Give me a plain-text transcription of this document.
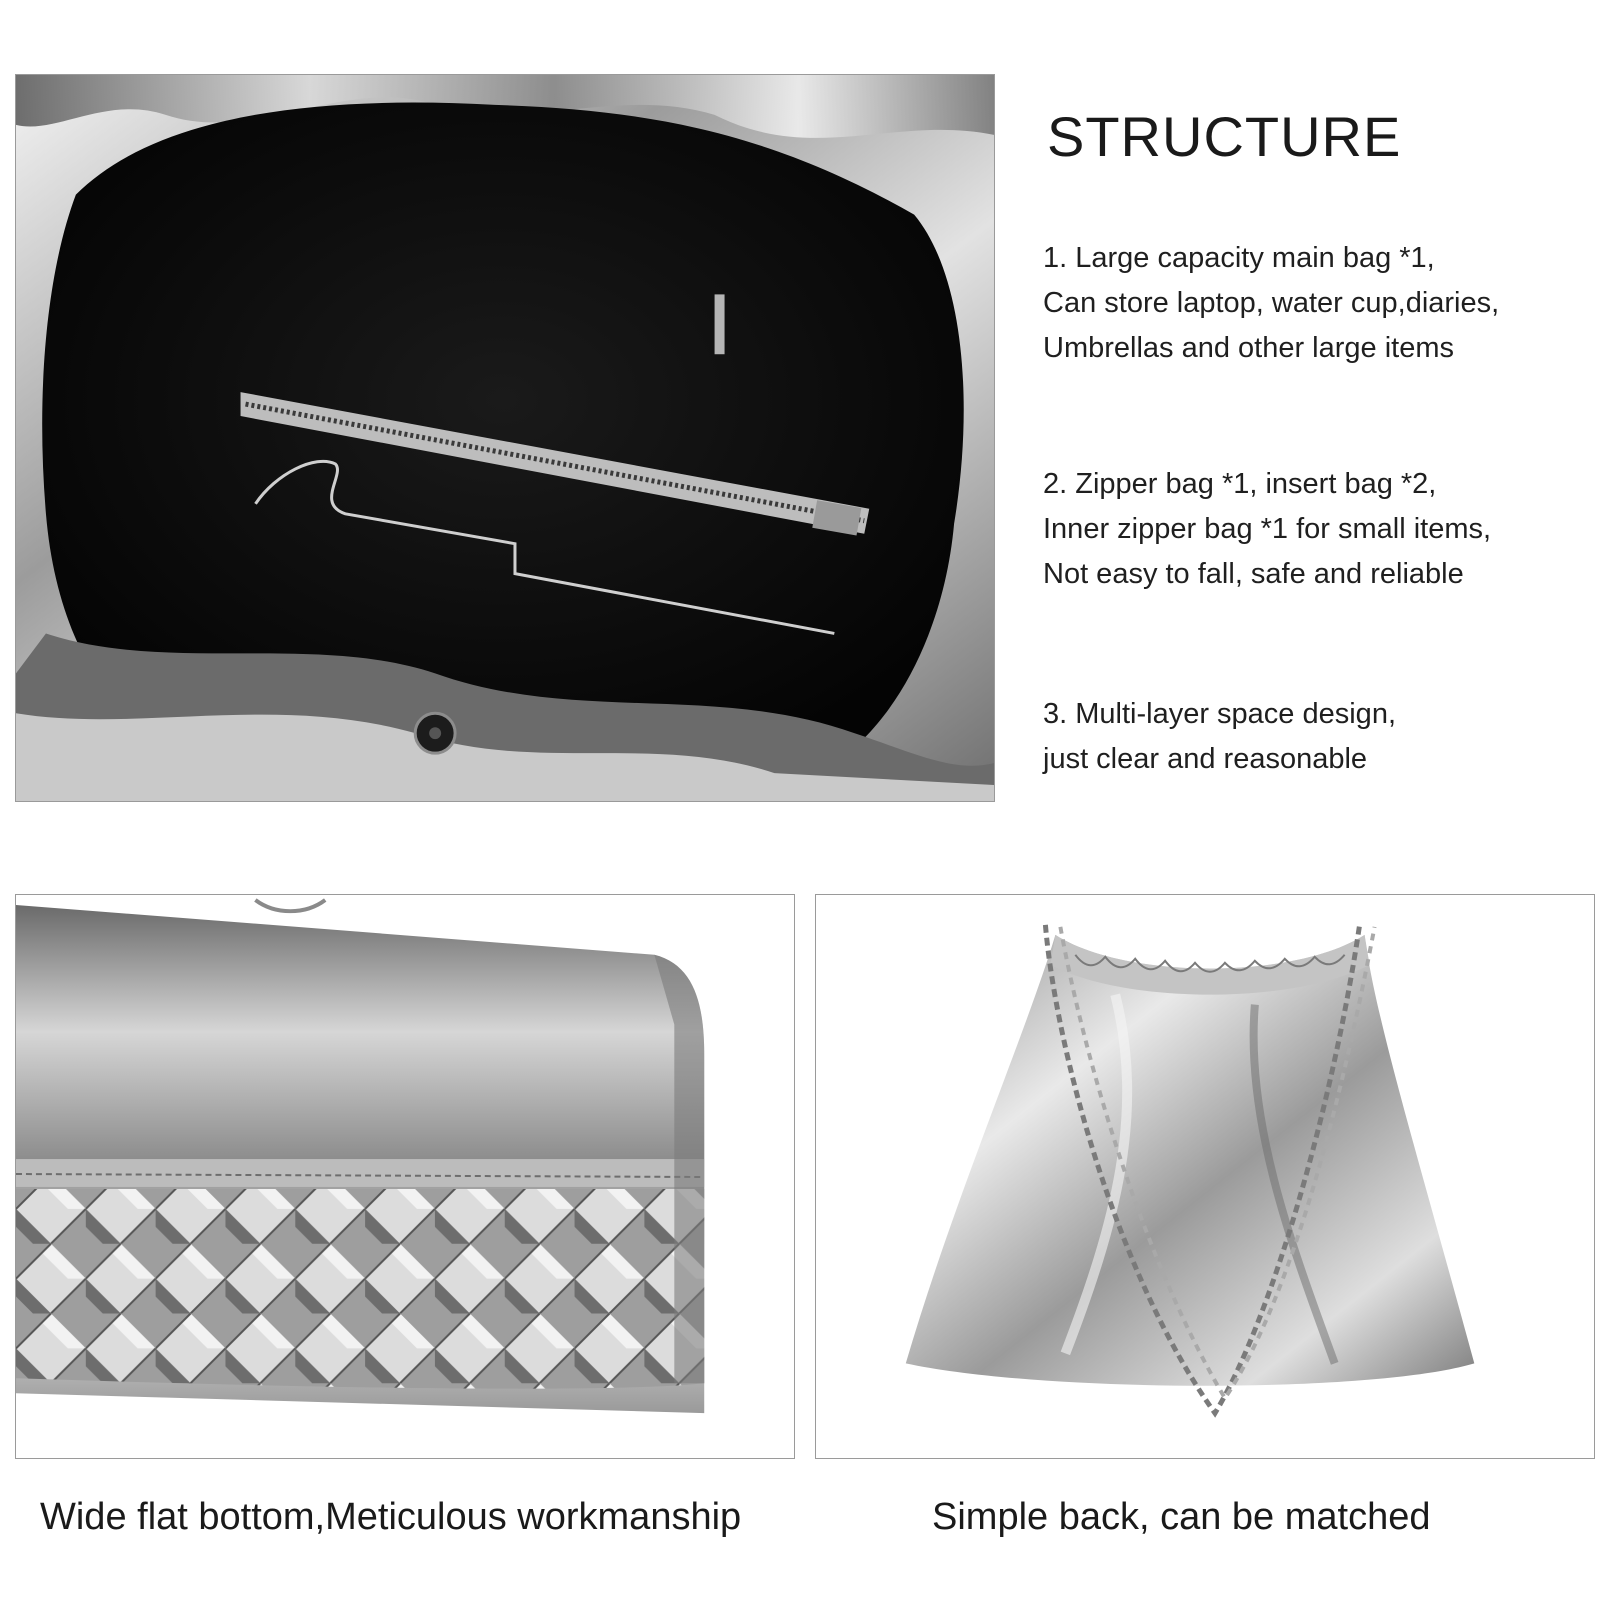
STRUCTURE

1. Large capacity main bag *1,
Can store laptop, water cup,diaries,
Umbrellas and other large items

2. Zipper bag *1, insert bag *2,
Inner zipper bag *1 for small items,
Not easy to fall, safe and reliable

3. Multi-layer space design,
just clear and reasonable

Wide flat bottom,Meticulous workmanship	Simple back, can be matched
